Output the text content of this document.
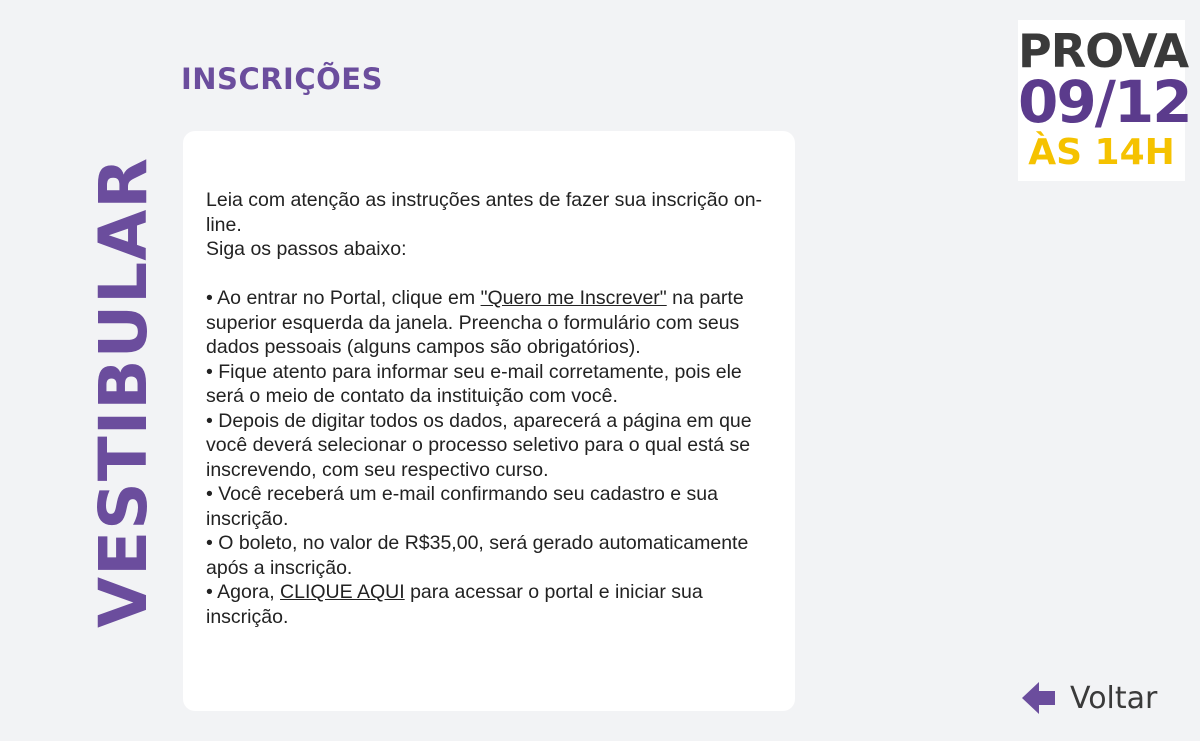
VESTIBULAR
INSCRIÇÕES
PROVA
09/12
ÀS 14H

Leia com atenção as instruções antes de fazer sua inscrição on-line.

Siga os passos abaixo:

• Ao entrar no Portal, clique em "Quero me Inscrever" na parte superior esquerda da janela. Preencha o formulário com seus dados pessoais (alguns campos são obrigatórios).

• Fique atento para informar seu e-mail corretamente, pois ele será o meio de contato da instituição com você.

• Depois de digitar todos os dados, aparecerá a página em que você deverá selecionar o processo seletivo para o qual está se inscrevendo, com seu respectivo curso.

• Você receberá um e-mail confirmando seu cadastro e sua inscrição.

• O boleto, no valor de R$35,00, será gerado automaticamente após a inscrição.

• Agora, CLIQUE AQUI para acessar o portal e iniciar sua inscrição.

Voltar
